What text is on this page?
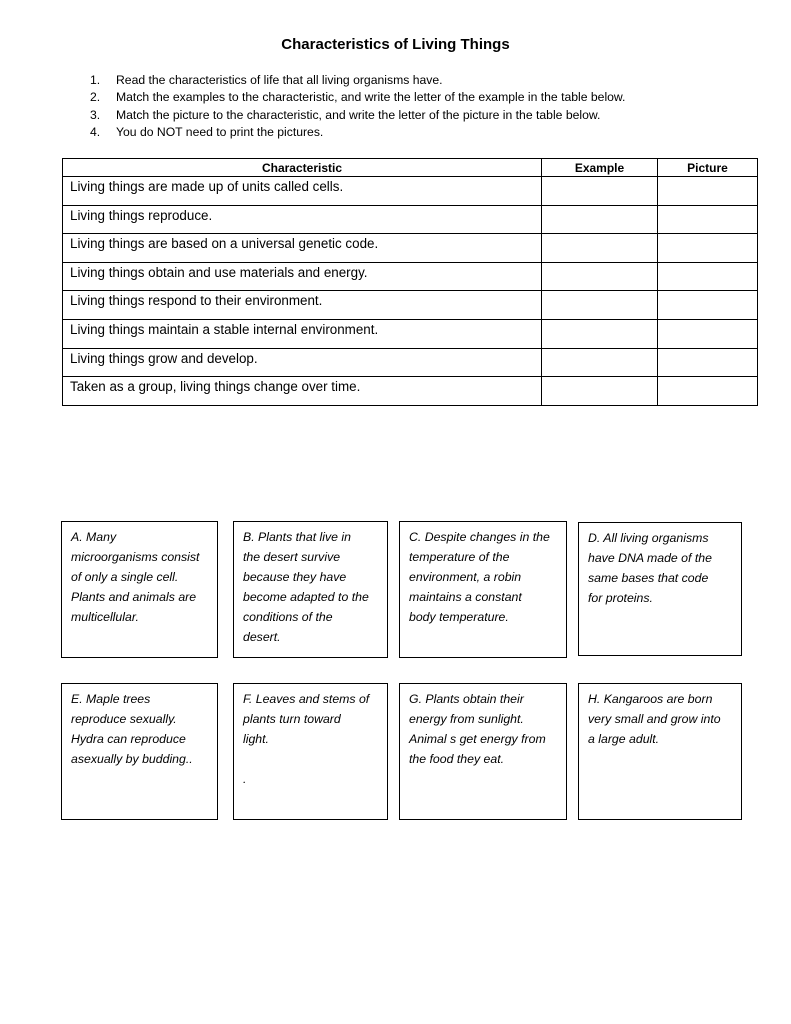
Characteristics of Living Things
1. Read the characteristics of life that all living organisms have.
2. Match the examples to the characteristic, and write the letter of the example in the table below.
3. Match the picture to the characteristic, and write the letter of the picture in the table below.
4. You do NOT need to print the pictures.
Characteristic	Example	Picture
Living things are made up of units called cells.		
Living things reproduce.		
Living things are based on a universal genetic code.		
Living things obtain and use materials and energy.		
Living things respond to their environment.		
Living things maintain a stable internal environment.		
Living things grow and develop.		
Taken as a group, living things change over time.		
A. Many
microorganisms consist
of only a single cell.
Plants and animals are
multicellular.
B. Plants that live in
the desert survive
because they have
become adapted to the
conditions of the
desert.
C. Despite changes in the
temperature of the
environment, a robin
maintains a constant
body temperature.
D. All living organisms
have DNA made of the
same bases that code
for proteins.
E. Maple trees
reproduce sexually.
Hydra can reproduce
asexually by budding..
F. Leaves and stems of
plants turn toward
light.
.
G. Plants obtain their
energy from sunlight.
Animal s get energy from
the food they eat.
H. Kangaroos are born
very small and grow into
a large adult.
